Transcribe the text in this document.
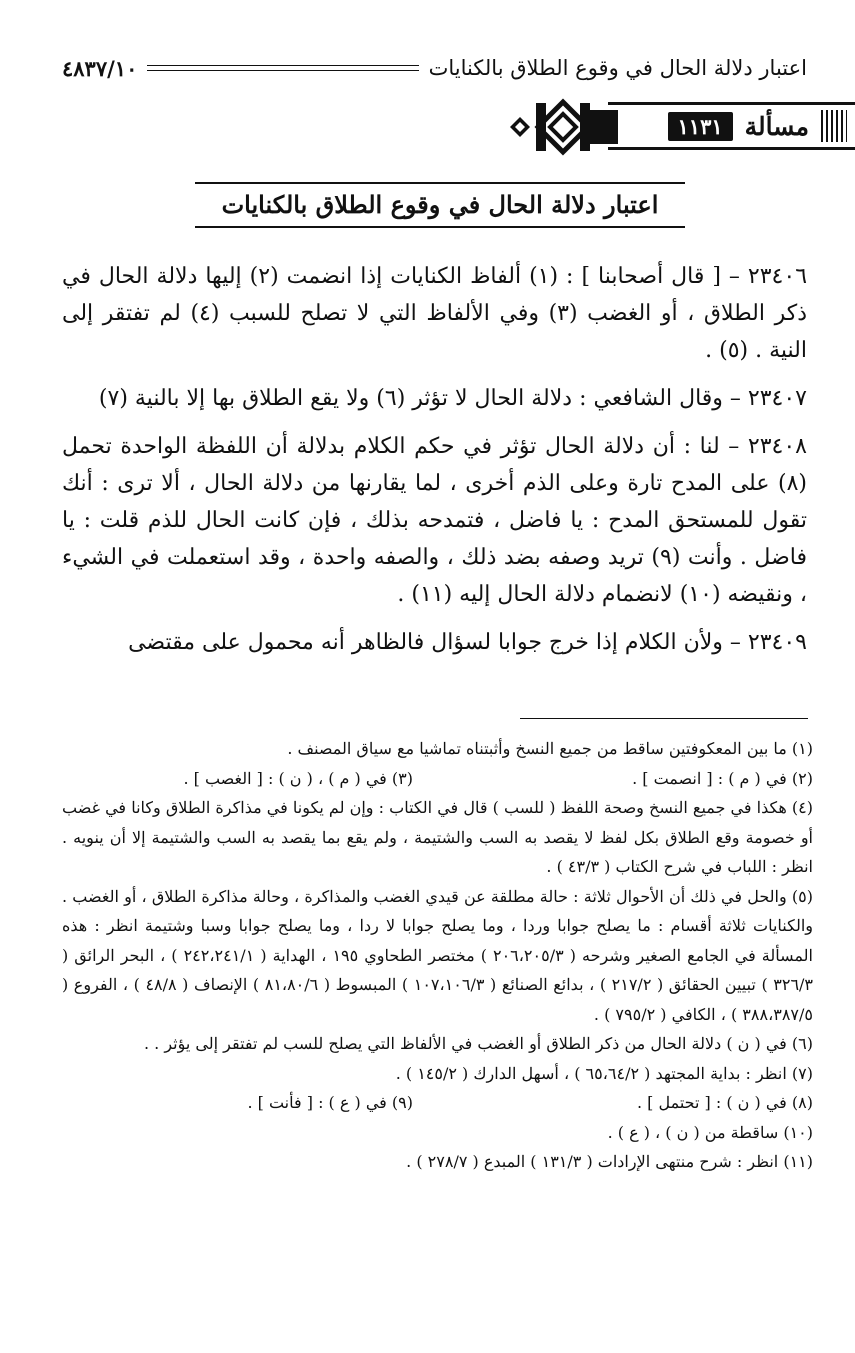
٤٨٣٧/١٠	اعتبار دلالة الحال في وقوع الطلاق بالكنايات
مسألة
١١٣١
اعتبار دلالة الحال في وقوع الطلاق بالكنايات

٢٣٤٠٦ – [ قال أصحابنا ] : (١) ألفاظ الكنايات إذا انضمت (٢) إليها دلالة الحال في ذكر الطلاق ، أو الغضب (٣) وفي الألفاظ التي لا تصلح للسبب (٤) لم تفتقر إلى النية . (٥) .

٢٣٤٠٧ – وقال الشافعي : دلالة الحال لا تؤثر (٦) ولا يقع الطلاق بها إلا بالنية (٧)

٢٣٤٠٨ – لنا : أن دلالة الحال تؤثر في حكم الكلام بدلالة أن اللفظة الواحدة تحمل (٨) على المدح تارة وعلى الذم أخرى ، لما يقارنها من دلالة الحال ، ألا ترى : أنك تقول للمستحق المدح : يا فاضل ، فتمدحه بذلك ، فإن كانت الحال للذم قلت : يا فاضل . وأنت (٩) تريد وصفه بضد ذلك ، والصفه واحدة ، وقد استعملت في الشيء ، ونقيضه (١٠) لانضمام دلالة الحال إليه (١١) .

٢٣٤٠٩ – ولأن الكلام إذا خرج جوابا لسؤال فالظاهر أنه محمول على مقتضى

(١) ما بين المعكوفتين ساقط من جميع النسخ وأثبتناه تماشيا مع سياق المصنف .

(٢) في ( م ) : [ انصمت ] .

(٣) في ( م ) ، ( ن ) : [ الغصب ] .

(٤) هكذا في جميع النسخ وصحة اللفظ ( للسب ) قال في الكتاب : وإن لم يكونا في مذاكرة الطلاق وكانا في غضب أو خصومة وقع الطلاق بكل لفظ لا يقصد به السب والشتيمة ، ولم يقع بما يقصد به السب والشتيمة إلا أن ينويه . انظر : اللباب في شرح الكتاب ( ٤٣/٣ ) .

(٥) والحل في ذلك أن الأحوال ثلاثة : حالة مطلقة عن قيدي الغضب والمذاكرة ، وحالة مذاكرة الطلاق ، أو الغضب . والكنايات ثلاثة أقسام : ما يصلح جوابا وردا ، وما يصلح جوابا لا ردا ، وما يصلح جوابا وسبا وشتيمة انظر : هذه المسألة في الجامع الصغير وشرحه ( ٢٠٦،٢٠٥/٣ ) مختصر الطحاوي ١٩٥ ، الهداية ( ٢٤٢،٢٤١/١ ) ، البحر الرائق ( ٣٢٦/٣ ) تبيين الحقائق ( ٢١٧/٢ ) ، بدائع الصنائع ( ١٠٧،١٠٦/٣ ) المبسوط ( ٨١،٨٠/٦ ) الإنصاف ( ٤٨/٨ ) ، الفروع ( ٣٨٨،٣٨٧/٥ ) ، الكافي ( ٧٩٥/٢ ) .

(٦) في ( ن ) دلالة الحال من ذكر الطلاق أو الغضب في الألفاظ التي يصلح للسب لم تفتقر إلى يؤثر . .

(٧) انظر : بداية المجتهد ( ٦٥،٦٤/٢ ) ، أسهل الدارك ( ١٤٥/٢ ) .

(٨) في ( ن ) : [ تحتمل ] .

(٩) في ( ع ) : [ فأنت ] .

(١٠) ساقطة من ( ن ) ، ( ع ) .

(١١) انظر : شرح منتهى الإرادات ( ١٣١/٣ ) المبدع ( ٢٧٨/٧ ) .
